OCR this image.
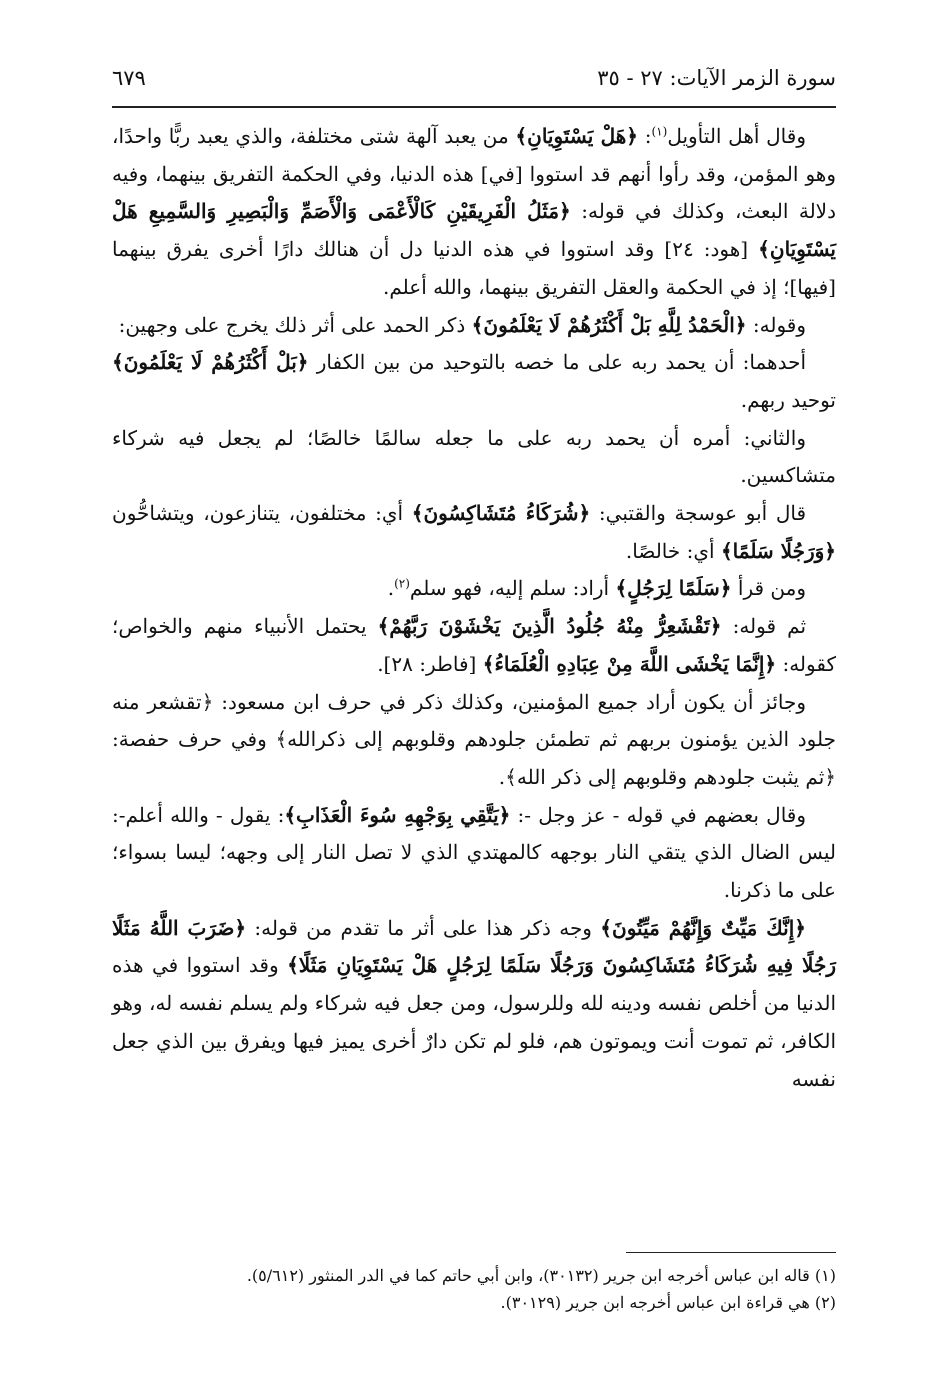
سورة الزمر الآيات: ٢٧ - ٣٥
٦٧٩

وقال أهل التأويل$^{(١)}$: ﴿هَلْ يَسْتَوِيَانِ﴾ من يعبد آلهة شتى مختلفة، والذي يعبد ربًّا واحدًا، وهو المؤمن، وقد رأوا أنهم قد استووا [في] هذه الدنيا، وفي الحكمة التفريق بينهما، وفيه دلالة البعث، وكذلك في قوله: ﴿مَثَلُ الْفَرِيقَيْنِ كَالْأَعْمَى وَالْأَصَمِّ وَالْبَصِيرِ وَالسَّمِيعِ هَلْ يَسْتَوِيَانِ﴾ [هود: ٢٤] وقد استووا في هذه الدنيا دل أن هنالك دارًا أخرى يفرق بينهما [فيها]؛ إذ في الحكمة والعقل التفريق بينهما، والله أعلم.

وقوله: ﴿الْحَمْدُ لِلَّهِ بَلْ أَكْثَرُهُمْ لَا يَعْلَمُونَ﴾ ذكر الحمد على أثر ذلك يخرج على وجهين:

أحدهما: أن يحمد ربه على ما خصه بالتوحيد من بين الكفار ﴿بَلْ أَكْثَرُهُمْ لَا يَعْلَمُونَ﴾ توحيد ربهم.

والثاني: أمره أن يحمد ربه على ما جعله سالمًا خالصًا؛ لم يجعل فيه شركاء متشاكسين.

قال أبو عوسجة والقتبي: ﴿شُرَكَاءُ مُتَشَاكِسُونَ﴾ أي: مختلفون، يتنازعون، ويتشاحُّون ﴿وَرَجُلًا سَلَمًا﴾ أي: خالصًا.

ومن قرأ ﴿سَلَمًا لِرَجُلٍ﴾ أراد: سلم إليه، فهو سلم$^{(٢)}$.

ثم قوله: ﴿تَقْشَعِرُّ مِنْهُ جُلُودُ الَّذِينَ يَخْشَوْنَ رَبَّهُمْ﴾ يحتمل الأنبياء منهم والخواص؛ كقوله: ﴿إِنَّمَا يَخْشَى اللَّهَ مِنْ عِبَادِهِ الْعُلَمَاءُ﴾ [فاطر: ٢٨].

وجائز أن يكون أراد جميع المؤمنين، وكذلك ذكر في حرف ابن مسعود: ﴿تقشعر منه جلود الذين يؤمنون بربهم ثم تطمئن جلودهم وقلوبهم إلى ذكرالله﴾ وفي حرف حفصة: ﴿ثم يثبت جلودهم وقلوبهم إلى ذكر الله﴾.

وقال بعضهم في قوله - عز وجل -: ﴿يَتَّقِي بِوَجْهِهِ سُوءَ الْعَذَابِ﴾: يقول - والله أعلم-: ليس الضال الذي يتقي النار بوجهه كالمهتدي الذي لا تصل النار إلى وجهه؛ ليسا بسواء؛ على ما ذكرنا.

﴿إِنَّكَ مَيِّتٌ وَإِنَّهُمْ مَيِّتُونَ﴾ وجه ذكر هذا على أثر ما تقدم من قوله: ﴿ضَرَبَ اللَّهُ مَثَلًا رَجُلًا فِيهِ شُرَكَاءُ مُتَشَاكِسُونَ وَرَجُلًا سَلَمًا لِرَجُلٍ هَلْ يَسْتَوِيَانِ مَثَلًا﴾ وقد استووا في هذه الدنيا من أخلص نفسه ودينه لله وللرسول، ومن جعل فيه شركاء ولم يسلم نفسه له، وهو الكافر، ثم تموت أنت ويموتون هم، فلو لم تكن دارٌ أخرى يميز فيها ويفرق بين الذي جعل نفسه

(١) قاله ابن عباس أخرجه ابن جرير (٣٠١٣٢)، وابن أبي حاتم كما في الدر المنثور (٥/٦١٢).

(٢) هي قراءة ابن عباس أخرجه ابن جرير (٣٠١٢٩).
